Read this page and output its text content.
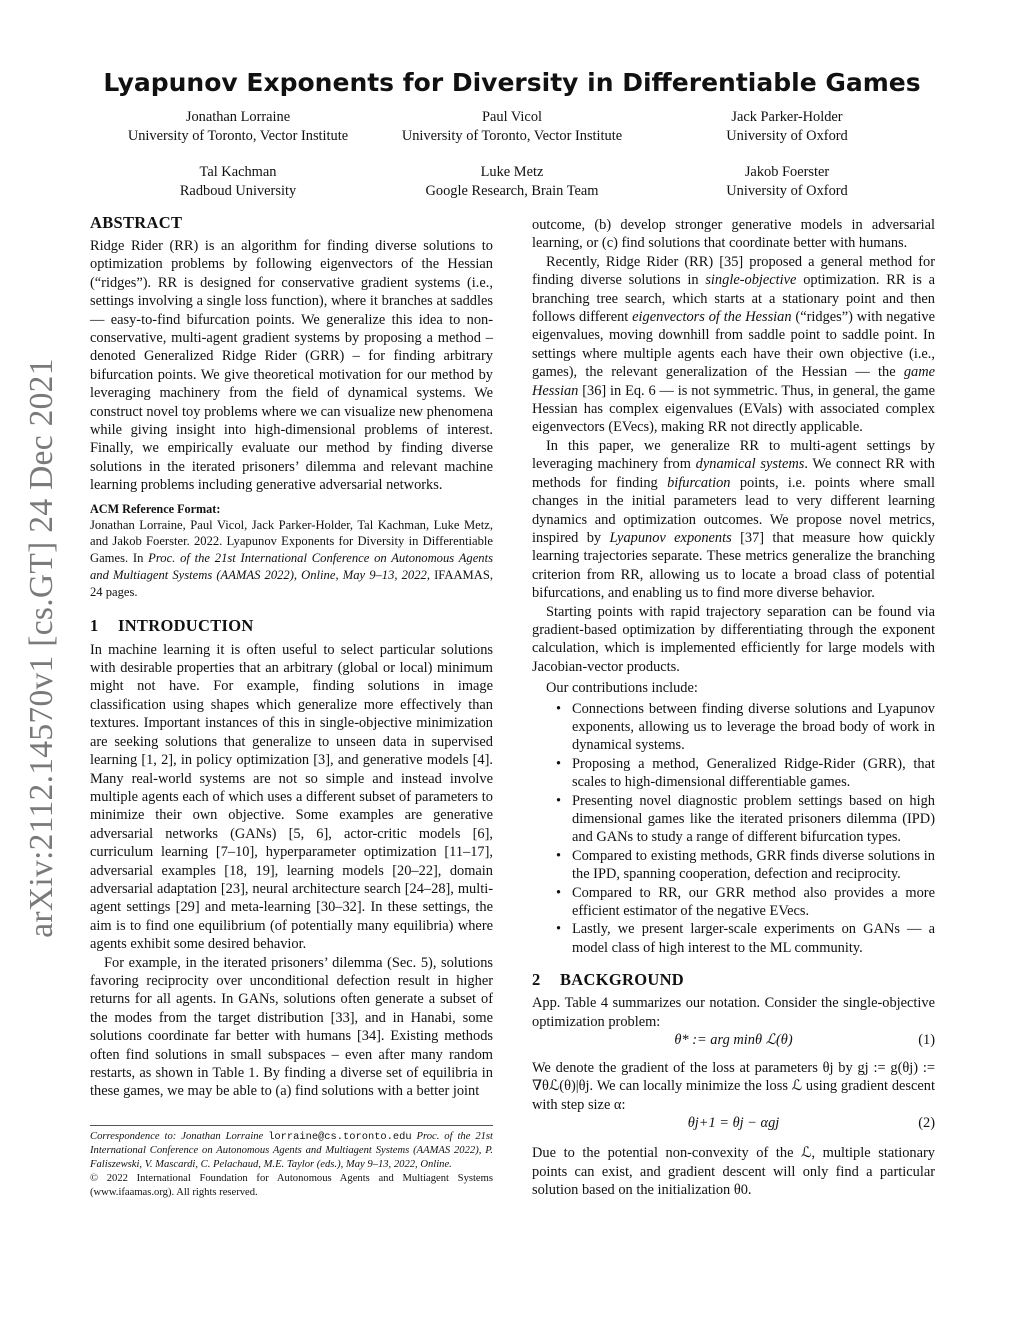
arXiv:2112.14570v1 [cs.GT] 24 Dec 2021
Lyapunov Exponents for Diversity in Differentiable Games
Jonathan Lorraine
University of Toronto, Vector Institute
Paul Vicol
University of Toronto, Vector Institute
Jack Parker-Holder
University of Oxford
Tal Kachman
Radboud University
Luke Metz
Google Research, Brain Team
Jakob Foerster
University of Oxford
ABSTRACT

Ridge Rider (RR) is an algorithm for finding diverse solutions to optimization problems by following eigenvectors of the Hessian (“ridges”). RR is designed for conservative gradient systems (i.e., settings involving a single loss function), where it branches at saddles — easy-to-find bifurcation points. We generalize this idea to non-conservative, multi-agent gradient systems by proposing a method – denoted Generalized Ridge Rider (GRR) – for finding arbitrary bifurcation points. We give theoretical motivation for our method by leveraging machinery from the field of dynamical systems. We construct novel toy problems where we can visualize new phenomena while giving insight into high-dimensional problems of interest. Finally, we empirically evaluate our method by finding diverse solutions in the iterated prisoners’ dilemma and relevant machine learning problems including generative adversarial networks.

ACM Reference Format:

Jonathan Lorraine, Paul Vicol, Jack Parker-Holder, Tal Kachman, Luke Metz, and Jakob Foerster. 2022. Lyapunov Exponents for Diversity in Differentiable Games. In Proc. of the 21st International Conference on Autonomous Agents and Multiagent Systems (AAMAS 2022), Online, May 9–13, 2022, IFAAMAS, 24 pages.

1 INTRODUCTION

In machine learning it is often useful to select particular solutions with desirable properties that an arbitrary (global or local) minimum might not have. For example, finding solutions in image classification using shapes which generalize more effectively than textures. Important instances of this in single-objective minimization are seeking solutions that generalize to unseen data in supervised learning [1, 2], in policy optimization [3], and generative models [4]. Many real-world systems are not so simple and instead involve multiple agents each of which uses a different subset of parameters to minimize their own objective. Some examples are generative adversarial networks (GANs) [5, 6], actor-critic models [6], curriculum learning [7–10], hyperparameter optimization [11–17], adversarial examples [18, 19], learning models [20–22], domain adversarial adaptation [23], neural architecture search [24–28], multi-agent settings [29] and meta-learning [30–32]. In these settings, the aim is to find one equilibrium (of potentially many equilibria) where agents exhibit some desired behavior.

For example, in the iterated prisoners’ dilemma (Sec. 5), solutions favoring reciprocity over unconditional defection result in higher returns for all agents. In GANs, solutions often generate a subset of the modes from the target distribution [33], and in Hanabi, some solutions coordinate far better with humans [34]. Existing methods often find solutions in small subspaces – even after many random restarts, as shown in Table 1. By finding a diverse set of equilibria in these games, we may be able to (a) find solutions with a better joint

outcome, (b) develop stronger generative models in adversarial learning, or (c) find solutions that coordinate better with humans.

Recently, Ridge Rider (RR) [35] proposed a general method for finding diverse solutions in single-objective optimization. RR is a branching tree search, which starts at a stationary point and then follows different eigenvectors of the Hessian (“ridges”) with negative eigenvalues, moving downhill from saddle point to saddle point. In settings where multiple agents each have their own objective (i.e., games), the relevant generalization of the Hessian — the game Hessian [36] in Eq. 6 — is not symmetric. Thus, in general, the game Hessian has complex eigenvalues (EVals) with associated complex eigenvectors (EVecs), making RR not directly applicable.

In this paper, we generalize RR to multi-agent settings by leveraging machinery from dynamical systems. We connect RR with methods for finding bifurcation points, i.e. points where small changes in the initial parameters lead to very different learning dynamics and optimization outcomes. We propose novel metrics, inspired by Lyapunov exponents [37] that measure how quickly learning trajectories separate. These metrics generalize the branching criterion from RR, allowing us to locate a broad class of potential bifurcations, and enabling us to find more diverse behavior.

Starting points with rapid trajectory separation can be found via gradient-based optimization by differentiating through the exponent calculation, which is implemented efficiently for large models with Jacobian-vector products.

Our contributions include:

• Connections between finding diverse solutions and Lyapunov exponents, allowing us to leverage the broad body of work in dynamical systems.
• Proposing a method, Generalized Ridge-Rider (GRR), that scales to high-dimensional differentiable games.
• Presenting novel diagnostic problem settings based on high dimensional games like the iterated prisoners dilemma (IPD) and GANs to study a range of different bifurcation types.
• Compared to existing methods, GRR finds diverse solutions in the IPD, spanning cooperation, defection and reciprocity.
• Compared to RR, our GRR method also provides a more efficient estimator of the negative EVecs.
• Lastly, we present larger-scale experiments on GANs — a model class of high interest to the ML community.
2 BACKGROUND

App. Table 4 summarizes our notation. Consider the single-objective optimization problem:

θ* := arg minθ ℒ(θ)	(1)

We denote the gradient of the loss at parameters θj by gj := g(θj) := ∇θℒ(θ)|θj. We can locally minimize the loss ℒ using gradient descent with step size α:

θj+1 = θj − αgj	(2)

Due to the potential non-convexity of the ℒ, multiple stationary points can exist, and gradient descent will only find a particular solution based on the initialization θ0.

Correspondence to: Jonathan Lorraine lorraine@cs.toronto.edu Proc. of the 21st International Conference on Autonomous Agents and Multiagent Systems (AAMAS 2022), P. Faliszewski, V. Mascardi, C. Pelachaud, M.E. Taylor (eds.), May 9–13, 2022, Online.

© 2022 International Foundation for Autonomous Agents and Multiagent Systems (www.ifaamas.org). All rights reserved.
